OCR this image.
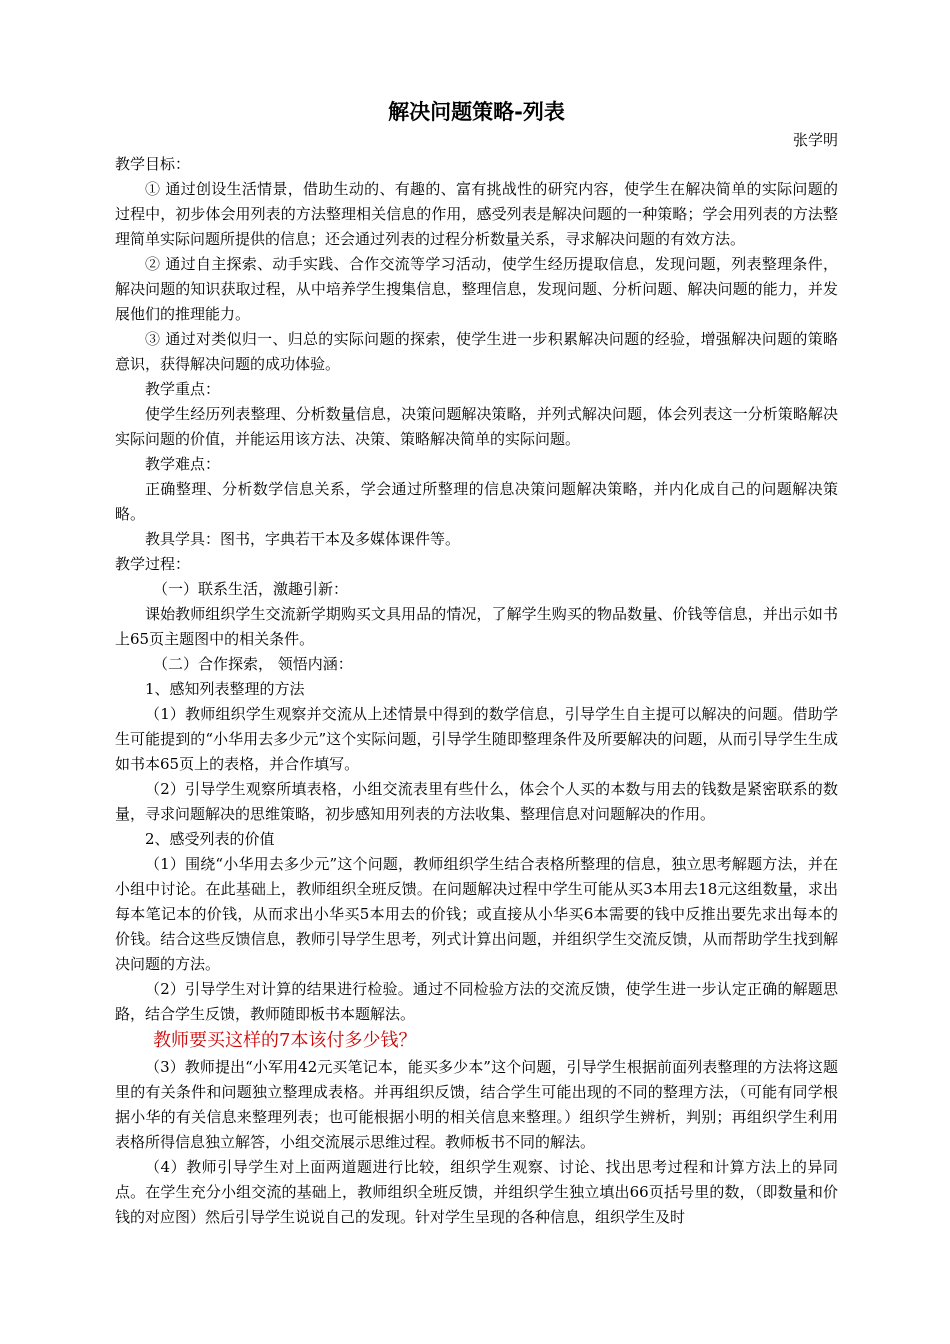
解决问题策略-列表
张学明

教学目标：

① 通过创设生活情景，借助生动的、有趣的、富有挑战性的研究内容，使学生在解决简单的实际问题的过程中，初步体会用列表的方法整理相关信息的作用，感受列表是解决问题的一种策略；学会用列表的方法整理简单实际问题所提供的信息；还会通过列表的过程分析数量关系，寻求解决问题的有效方法。

② 通过自主探索、动手实践、合作交流等学习活动，使学生经历提取信息，发现问题，列表整理条件，解决问题的知识获取过程，从中培养学生搜集信息，整理信息，发现问题、分析问题、解决问题的能力，并发展他们的推理能力。

③ 通过对类似归一、归总的实际问题的探索，使学生进一步积累解决问题的经验，增强解决问题的策略意识，获得解决问题的成功体验。

教学重点：

使学生经历列表整理、分析数量信息，决策问题解决策略，并列式解决问题，体会列表这一分析策略解决实际问题的价值，并能运用该方法、决策、策略解决简单的实际问题。

教学难点：

正确整理、分析数学信息关系，学会通过所整理的信息决策问题解决策略，并内化成自己的问题解决策略。

教具学具：图书，字典若干本及多媒体课件等。

教学过程：

（一）联系生活，激趣引新：

课始教师组织学生交流新学期购买文具用品的情况，了解学生购买的物品数量、价钱等信息，并出示如书上65页主题图中的相关条件。

（二）合作探索， 领悟内涵：

1、感知列表整理的方法

（1）教师组织学生观察并交流从上述情景中得到的数学信息，引导学生自主提可以解决的问题。借助学生可能提到的“小华用去多少元”这个实际问题，引导学生随即整理条件及所要解决的问题，从而引导学生生成如书本65页上的表格，并合作填写。

（2）引导学生观察所填表格，小组交流表里有些什么，体会个人买的本数与用去的钱数是紧密联系的数量，寻求问题解决的思维策略，初步感知用列表的方法收集、整理信息对问题解决的作用。

2、感受列表的价值

（1）围绕“小华用去多少元”这个问题，教师组织学生结合表格所整理的信息，独立思考解题方法，并在小组中讨论。在此基础上，教师组织全班反馈。在问题解决过程中学生可能从买3本用去18元这组数量，求出每本笔记本的价钱，从而求出小华买5本用去的价钱；或直接从小华买6本需要的钱中反推出要先求出每本的价钱。结合这些反馈信息，教师引导学生思考，列式计算出问题，并组织学生交流反馈，从而帮助学生找到解决问题的方法。

（2）引导学生对计算的结果进行检验。通过不同检验方法的交流反馈，使学生进一步认定正确的解题思路，结合学生反馈，教师随即板书本题解法。

教师要买这样的7本该付多少钱？

（3）教师提出“小军用42元买笔记本，能买多少本”这个问题，引导学生根据前面列表整理的方法将这题里的有关条件和问题独立整理成表格。并再组织反馈，结合学生可能出现的不同的整理方法，（可能有同学根据小华的有关信息来整理列表；也可能根据小明的相关信息来整理。）组织学生辨析，判别；再组织学生利用表格所得信息独立解答，小组交流展示思维过程。教师板书不同的解法。

（4）教师引导学生对上面两道题进行比较，组织学生观察、讨论、找出思考过程和计算方法上的异同点。在学生充分小组交流的基础上，教师组织全班反馈，并组织学生独立填出66页括号里的数，（即数量和价钱的对应图）然后引导学生说说自己的发现。针对学生呈现的各种信息，组织学生及时
